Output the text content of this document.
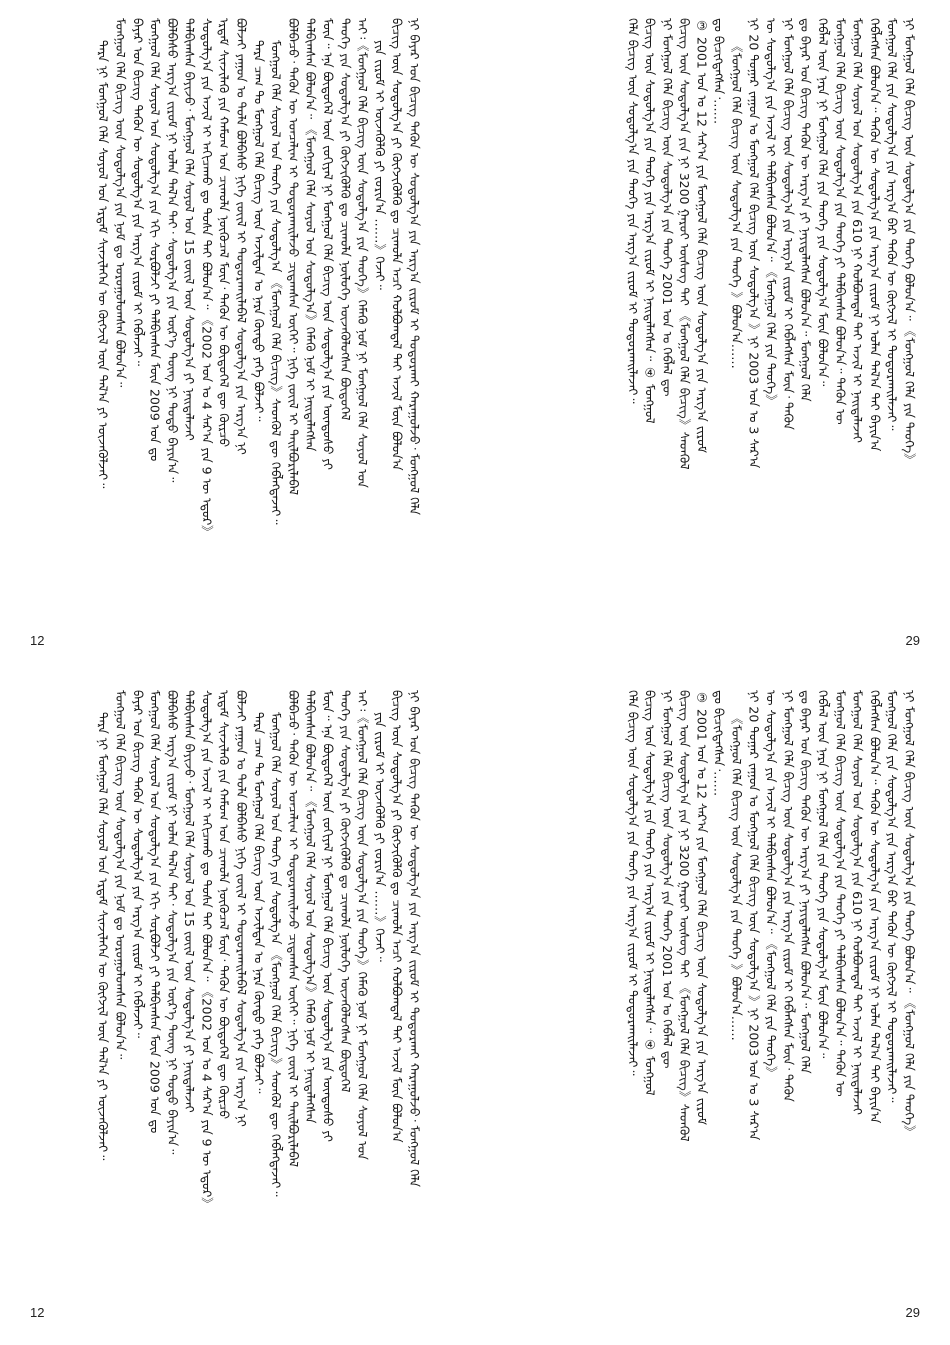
ᠨᠢ ᠪᠠᠶᠠᠷ ᠤᠨ ᠪᠢᠴᠢᠭ ᠲᠡᠭᠦᠨ ᠦ ᠰᠤᠳᠤᠯᠭ᠎ᠠ ᠶᠢᠨ ᠠᠷᠭ᠎ᠠ ᠵᠢᠷᠤᠮ ᠢ ᠲᠣᠳᠤᠷᠬᠠᠢ ᠬᠠᠷᠠᠭᠤᠯᠵᠤ᠂ ᠮᠣᠩᠭᠣᠯ ᠬᠡᠯᠡ
ᠪᠢᠴᠢᠭ ᠦᠨ ᠰᠤᠳᠤᠯᠭ᠎ᠠ ᠶᠢ ᠬᠥᠭᠵᠢᠭᠦᠯᠬᠦ ᠳᠤ ᠴᠢᠬᠤᠯᠠ ᠠᠴᠢ ᠬᠣᠯᠪᠤᠭᠳᠠᠯ ᠲᠠᠢ ᠠᠵᠢᠯ ᠮᠥᠨ ᠪᠣᠯᠤᠨ᠎ᠠ
ᠶᠢᠨ ᠵᠢᠷᠤᠮ ᠢ ᠦᠵᠡᠭᠦᠯᠬᠦ ᠶᠢ ᠵᠣᠷᠢᠨ᠎ᠠ ……》ᠭᠡᠵᠡᠢ᠃
ᠠᠢ᠄《ᠮᠣᠩᠭᠣᠯ ᠬᠡᠯᠡ ᠪᠢᠴᠢᠭ ᠦᠨ ᠰᠤᠳᠤᠯᠭ᠎ᠠ ᠶᠢᠨ ᠲᠡᠦᠬᠡ》ᠬᠡᠮᠡᠬᠦ ᠨᠣᠮ ᠨᠢ ᠮᠣᠩᠭᠣᠯ ᠬᠡᠯᠡ ᠰᠣᠶᠣᠯ ᠤᠨ
ᠲᠡᠦᠬᠡ ᠶᠢᠨ ᠰᠤᠳᠤᠯᠭ᠎ᠠ ᠶᠢ ᠬᠥᠭᠵᠢᠭᠦᠯᠬᠦ ᠳᠤ ᠴᠢᠬᠤᠯᠠ ᠨᠥᠯᠦᠭᠡ ᠦᠵᠡᠭᠦᠯᠦᠭᠰᠡᠨ ᠪᠦᠲᠦᠭᠡᠯ
ᠮᠥᠨ᠃ ᠡᠨᠡ ᠪᠦᠲᠦᠭᠡᠯ ᠦᠨ ᠵᠣᠬᠢᠶᠠᠯ ᠨᠢ ᠮᠣᠩᠭᠣᠯ ᠬᠡᠯᠡ ᠪᠢᠴᠢᠭ ᠦᠨ ᠰᠤᠳᠤᠯᠭ᠎ᠠ ᠶᠢᠨ ᠦᠨᠳᠦᠰᠦ ᠶᠢ
ᠲᠠᠯᠪᠢᠭᠰᠠᠨ ᠪᠣᠯᠤᠨ᠎ᠠ᠃ 《ᠮᠣᠩᠭᠣᠯ ᠬᠡᠯᠡ ᠰᠣᠶᠣᠯ ᠤᠨ ᠰᠤᠳᠤᠯᠭ᠎ᠠ》ᠬᠡᠮᠡᠬᠦ ᠨᠣᠮ ᠢ ᠨᠡᠢᠲᠡᠯᠡᠭᠰᠡᠨ
ᠪᠣᠯᠪᠠᠴᠤ᠂ ᠲᠡᠭᠦᠨ ᠦ ᠣᠨᠴᠠᠯᠢᠭ ᠢ ᠲᠣᠳᠤᠷᠬᠠᠢᠯᠠᠵᠤ ᠴᠢᠳᠠᠭᠰᠠᠨ ᠦᠭᠡᠢ᠃ ᠨᠢᠭᠡ ᠵᠦᠢᠯ ᠢ ᠲᠠᠢᠯᠪᠤᠷᠢᠯᠠᠪᠠᠯ
ᠮᠣᠩᠭᠣᠯ ᠬᠡᠯᠡ ᠰᠣᠶᠣᠯ ᠤᠨ ᠲᠡᠦᠬᠡ ᠶᠢᠨ ᠰᠤᠳᠤᠯᠭ᠎ᠠ 《ᠮᠣᠩᠭᠣᠯ ᠬᠡᠯᠡ ᠪᠢᠴᠢᠭ》ᠰᠡᠳᠬᠦᠯ ᠳᠦ ᠬᠡᠪᠯᠡᠭᠳᠡᠵᠡᠢ᠃
ᠲᠡᠷᠡ ᠴᠠᠭ ᠲᠤ ᠮᠣᠩᠭᠣᠯ ᠬᠡᠯᠡ ᠪᠢᠴᠢᠭ ᠦᠨ ᠠᠵᠢᠯᠲᠠᠨ ᠤ ᠨᠡᠷᠡ ᠬᠦᠨᠳᠦ ᠶᠡᠬᠡ ᠪᠣᠯᠵᠠᠢ᠃
ᠪᠣᠯᠵᠠᠢ ᠶᠠᠭᠤᠨ ᠤ ᠲᠤᠯᠠ ᠪᠣᠯᠪᠠᠰᠤ ᠨᠢᠭᠡ ᠵᠦᠢᠯ ᠢ ᠲᠣᠳᠤᠷᠬᠠᠢᠯᠠᠪᠠᠯ ᠰᠤᠳᠤᠯᠭ᠎ᠠ ᠶᠢᠨ ᠠᠷᠭ᠎ᠠ ᠨᠢ
ᠡᠷᠳᠡᠮ ᠰᠢᠨᠵᠢᠯᠡᠬᠦ ᠶᠢᠨ ᠬᠠᠮᠤᠭ ᠤᠨ ᠴᠢᠬᠤᠯᠠ ᠨᠥᠬᠦᠴᠡᠯ ᠮᠥᠨ᠂ ᠲᠡᠭᠦᠨ ᠦ ᠪᠦᠲᠦᠭᠡᠯ ᠳᠦ ᠬᠦᠷᠴᠦ
ᠰᠤᠳᠤᠯᠭ᠎ᠠ ᠶᠢᠨ ᠠᠵᠢᠯ ᠢ ᠠᠬᠢᠴᠠᠬᠤ ᠳᠤ ᠲᠤᠰᠠ ᠲᠠᠢ ᠪᠣᠯᠤᠨ᠎ᠠ᠃ 《2002 ᠣᠨ ᠤ 4 ᠰᠠᠷ᠎ᠠ ᠶᠢᠨ 9 ᠦ ᠡᠳᠦᠷ》
ᠲᠠᠯᠪᠢᠭᠰᠠᠨ ᠪᠠᠶᠢᠵᠤ᠂ ᠮᠣᠩᠭᠣᠯ ᠬᠡᠯᠡ ᠰᠣᠶᠣᠯ ᠤᠨ 15 ᠵᠦᠢᠯ ᠦᠨ ᠰᠤᠳᠤᠯᠭ᠎ᠠ ᠶᠢ ᠨᠡᠢᠲᠡᠯᠡᠵᠡᠢ
ᠪᠣᠯᠪᠠᠰᠤ ᠠᠷᠭ᠎ᠠ ᠵᠢᠷᠤᠮ ᠨᠢ ᠣᠯᠠᠨ ᠲᠠᠯ᠎ᠠ ᠲᠠᠢ᠂ ᠰᠤᠳᠤᠯᠭ᠎ᠠ ᠶᠢᠨ ᠦᠷ᠎ᠡ ᠳᠦᠩ ᠨᠢ ᠲᠣᠳᠤ ᠪᠠᠶᠢᠨ᠎ᠠ᠃
ᠮᠣᠩᠭᠣᠯ ᠬᠡᠯᠡ ᠰᠣᠶᠣᠯ ᠤᠨ ᠰᠤᠳᠤᠯᠭ᠎ᠠ ᠶᠢᠨ ᠡᠬᠢ ᠰᠤᠷᠪᠤᠯᠵᠢ ᠶᠢ ᠲᠠᠯᠪᠢᠭᠰᠠᠨ ᠮᠥᠨ 2009 ᠣᠨ ᠳᠤ
ᠪᠠᠶᠠᠷ ᠤᠨ ᠪᠢᠴᠢᠭ ᠲᠡᠭᠦᠨ ᠦ ᠰᠤᠳᠤᠯᠭ᠎ᠠ ᠶᠢᠨ ᠠᠷᠭ᠎ᠠ ᠵᠢᠷᠤᠮ ᠢ ᠬᠡᠪᠯᠡᠵᠡᠢ᠃
ᠮᠣᠩᠭᠣᠯ ᠬᠡᠯᠡ ᠪᠢᠴᠢᠭ ᠦᠨ ᠰᠤᠳᠤᠯᠭ᠎ᠠ ᠶᠢᠨ ᠨᠣᠮ ᠳᠤ ᠣᠷᠤᠭᠤᠯᠤᠭᠰᠠᠨ ᠪᠣᠯᠤᠨ᠎ᠠ᠃
ᠲᠡᠷᠡ ᠨᠢ ᠮᠣᠩᠭᠣᠯ ᠬᠡᠯᠡ ᠰᠣᠶᠣᠯ ᠤᠨ ᠡᠷᠳᠡᠮ ᠰᠢᠨᠵᠢᠯᠡᠭᠡᠨ ᠦ ᠬᠥᠭᠵᠢᠯ ᠦᠨ ᠲᠠᠯ᠎ᠠ ᠶᠢ ᠦᠵᠡᠭᠦᠯᠵᠡᠢ᠃
12
ᠨᠢ ᠮᠣᠩᠭᠣᠯ ᠬᠡᠯᠡ ᠪᠢᠴᠢᠭ ᠦᠨ ᠰᠤᠳᠤᠯᠭ᠎ᠠ ᠶᠢᠨ ᠲᠡᠦᠬᠡ ᠪᠣᠯᠤᠨ᠎ᠠ᠃ 《ᠮᠣᠩᠭᠣᠯ ᠬᠡᠯᠡ ᠶᠢᠨ ᠲᠡᠦᠬᠡ》
ᠮᠣᠩᠭᠣᠯ ᠬᠡᠯᠡ ᠶᠢᠨ ᠰᠤᠳᠤᠯᠭ᠎ᠠ ᠶᠢᠨ ᠠᠷᠭ᠎ᠠ ᠪᠠᠷ ᠲᠡᠭᠦᠨ ᠦ ᠬᠥᠭᠵᠢᠯ ᠢ ᠲᠣᠳᠤᠷᠬᠠᠢᠯᠠᠵᠠᠢ᠃
ᠬᠡᠪᠯᠡᠭᠰᠡᠨ ᠪᠣᠯᠤᠨ᠎ᠠ᠃ ᠲᠡᠭᠦᠨ ᠦ ᠰᠤᠳᠤᠯᠭ᠎ᠠ ᠶᠢᠨ ᠠᠷᠭ᠎ᠠ ᠵᠢᠷᠤᠮ ᠨᠢ ᠣᠯᠠᠨ ᠲᠠᠯ᠎ᠠ ᠲᠠᠢ ᠪᠠᠶᠢᠨ᠎ᠠ
ᠮᠣᠩᠭᠣᠯ ᠬᠡᠯᠡ ᠰᠣᠶᠣᠯ ᠤᠨ ᠰᠤᠳᠤᠯᠭ᠎ᠠ ᠶᠢᠨ 610 ᠨᠢ ᠬᠣᠯᠪᠤᠭᠳᠠᠯ ᠲᠠᠢ ᠠᠵᠢᠯ ᠢ ᠨᠡᠢᠲᠡᠯᠡᠵᠡᠢ
ᠮᠣᠩᠭᠣᠯ ᠬᠡᠯᠡ ᠪᠢᠴᠢᠭ ᠦᠨ ᠰᠤᠳᠤᠯᠭ᠎ᠠ ᠶᠢᠨ ᠲᠡᠦᠬᠡ ᠶᠢ ᠲᠠᠯᠪᠢᠭᠰᠠᠨ ᠪᠣᠯᠤᠨ᠎ᠠ᠃ ᠲᠡᠭᠦᠨ ᠦ
ᠬᠡᠪᠯᠡᠯ ᠦᠨ ᠨᠡᠷᠡ ᠨᠢ ᠮᠣᠩᠭᠣᠯ ᠬᠡᠯᠡ ᠶᠢᠨ ᠲᠡᠦᠬᠡ ᠶᠢᠨ ᠰᠤᠳᠤᠯᠭ᠎ᠠ ᠮᠥᠨ ᠪᠣᠯᠤᠨ᠎ᠠ᠃
ᠳᠤ ᠪᠠᠶᠠᠷ ᠤᠨ ᠪᠢᠴᠢᠭ ᠲᠡᠭᠦᠨ ᠦ ᠠᠷᠭ᠎ᠠ ᠶᠢ ᠨᠡᠶᠢᠲᠡᠯᠡᠭᠰᠡᠨ ᠪᠣᠯᠤᠨ᠎ᠠ᠃ ᠮᠣᠩᠭᠣᠯ ᠬᠡᠯᠡ
ᠨᠢ ᠮᠣᠩᠭᠣᠯ ᠬᠡᠯᠡ ᠪᠢᠴᠢᠭ ᠦᠨ ᠰᠤᠳᠤᠯᠭ᠎ᠠ ᠶᠢᠨ ᠠᠷᠭ᠎ᠠ ᠵᠢᠷᠤᠮ ᠢ ᠬᠡᠪᠯᠡᠭᠰᠡᠨ ᠮᠥᠨ᠂ ᠲᠡᠭᠦᠨ
ᠦ ᠰᠤᠳᠤᠯᠭ᠎ᠠ ᠶᠢᠨ ᠠᠵᠢᠯ ᠢ ᠲᠠᠯᠪᠢᠭᠰᠠᠨ ᠪᠣᠯᠤᠨ᠎ᠠ᠃ 《ᠮᠣᠩᠭᠣᠯ ᠬᠡᠯᠡ ᠶᠢᠨ ᠲᠡᠦᠬᠡ》
ᠨᠢ 20 ᠳᠤᠭᠠᠷ ᠵᠠᠭᠤᠨ ᠤ ᠮᠣᠩᠭᠣᠯ ᠬᠡᠯᠡ ᠪᠢᠴᠢᠭ ᠦᠨ ᠰᠤᠳᠤᠯᠭ᠎ᠠ 》ᠨᠢ 2003 ᠣᠨ ᠤ 3 ᠰᠠᠷ᠎ᠠ
《ᠮᠣᠩᠭᠣᠯ ᠬᠡᠯᠡ ᠪᠢᠴᠢᠭ ᠦᠨ ᠰᠤᠳᠤᠯᠭ᠎ᠠ ᠶᠢᠨ ᠲᠡᠦᠬᠡ 》ᠪᠣᠯᠤᠨ᠎ᠠ……
ᠳᠤ ᠪᠢᠴᠢᠭᠳᠡᠭᠰᠡᠨ᠂……
③ 2001 ᠣᠨ ᠤ 12 ᠰᠠᠷ᠎ᠠ ᠶᠢᠨ ᠮᠣᠩᠭᠣᠯ ᠬᠡᠯᠡ ᠪᠢᠴᠢᠭ ᠦᠨ ᠰᠤᠳᠤᠯᠭ᠎ᠠ ᠶᠢᠨ ᠠᠷᠭ᠎ᠠ ᠵᠢᠷᠤᠮ
ᠪᠢᠴᠢᠭ ᠦᠨ ᠰᠤᠳᠤᠯᠭ᠎ᠠ ᠶᠢᠨ ᠨᠢ 3200 ᠭᠠᠷᠤᠢ ᠦᠰᠦᠭ ᠲᠠᠢ 《ᠮᠣᠩᠭᠣᠯ ᠬᠡᠯᠡ ᠪᠢᠴᠢᠭ》ᠰᠡᠳᠬᠦᠯ
ᠨᠢ ᠮᠣᠩᠭᠣᠯ ᠬᠡᠯᠡ ᠪᠢᠴᠢᠭ ᠦᠨ ᠰᠤᠳᠤᠯᠭ᠎ᠠ ᠶᠢᠨ ᠲᠡᠦᠬᠡ 2001 ᠣᠨ ᠤ ᠬᠡᠪᠯᠡᠯ ᠳᠦ
ᠪᠢᠴᠢᠭ ᠦᠨ ᠰᠤᠳᠤᠯᠭ᠎ᠠ ᠶᠢᠨ ᠲᠡᠦᠬᠡ ᠶᠢᠨ ᠠᠷᠭ᠎ᠠ ᠵᠢᠷᠤᠮ ᠢ ᠨᠡᠢᠲᠡᠯᠡᠭᠰᠡᠨ᠃ ④ ᠮᠣᠩᠭᠣᠯ
ᠬᠡᠯᠡ ᠪᠢᠴᠢᠭ ᠦᠨ ᠰᠤᠳᠤᠯᠭ᠎ᠠ ᠶᠢᠨ ᠲᠡᠦᠬᠡ ᠶᠢᠨ ᠠᠷᠭ᠎ᠠ ᠵᠢᠷᠤᠮ ᠢ ᠲᠣᠳᠤᠷᠬᠠᠢᠯᠠᠵᠠᠢ᠃
29
ᠨᠢ ᠪᠠᠶᠠᠷ ᠤᠨ ᠪᠢᠴᠢᠭ ᠲᠡᠭᠦᠨ ᠦ ᠰᠤᠳᠤᠯᠭ᠎ᠠ ᠶᠢᠨ ᠠᠷᠭ᠎ᠠ ᠵᠢᠷᠤᠮ ᠢ ᠲᠣᠳᠤᠷᠬᠠᠢ ᠬᠠᠷᠠᠭᠤᠯᠵᠤ᠂ ᠮᠣᠩᠭᠣᠯ ᠬᠡᠯᠡ
ᠪᠢᠴᠢᠭ ᠦᠨ ᠰᠤᠳᠤᠯᠭ᠎ᠠ ᠶᠢ ᠬᠥᠭᠵᠢᠭᠦᠯᠬᠦ ᠳᠤ ᠴᠢᠬᠤᠯᠠ ᠠᠴᠢ ᠬᠣᠯᠪᠤᠭᠳᠠᠯ ᠲᠠᠢ ᠠᠵᠢᠯ ᠮᠥᠨ ᠪᠣᠯᠤᠨ᠎ᠠ
ᠶᠢᠨ ᠵᠢᠷᠤᠮ ᠢ ᠦᠵᠡᠭᠦᠯᠬᠦ ᠶᠢ ᠵᠣᠷᠢᠨ᠎ᠠ ……》ᠭᠡᠵᠡᠢ᠃
ᠠᠢ᠄《ᠮᠣᠩᠭᠣᠯ ᠬᠡᠯᠡ ᠪᠢᠴᠢᠭ ᠦᠨ ᠰᠤᠳᠤᠯᠭ᠎ᠠ ᠶᠢᠨ ᠲᠡᠦᠬᠡ》ᠬᠡᠮᠡᠬᠦ ᠨᠣᠮ ᠨᠢ ᠮᠣᠩᠭᠣᠯ ᠬᠡᠯᠡ ᠰᠣᠶᠣᠯ ᠤᠨ
ᠲᠡᠦᠬᠡ ᠶᠢᠨ ᠰᠤᠳᠤᠯᠭ᠎ᠠ ᠶᠢ ᠬᠥᠭᠵᠢᠭᠦᠯᠬᠦ ᠳᠤ ᠴᠢᠬᠤᠯᠠ ᠨᠥᠯᠦᠭᠡ ᠦᠵᠡᠭᠦᠯᠦᠭᠰᠡᠨ ᠪᠦᠲᠦᠭᠡᠯ
ᠮᠥᠨ᠃ ᠡᠨᠡ ᠪᠦᠲᠦᠭᠡᠯ ᠦᠨ ᠵᠣᠬᠢᠶᠠᠯ ᠨᠢ ᠮᠣᠩᠭᠣᠯ ᠬᠡᠯᠡ ᠪᠢᠴᠢᠭ ᠦᠨ ᠰᠤᠳᠤᠯᠭ᠎ᠠ ᠶᠢᠨ ᠦᠨᠳᠦᠰᠦ ᠶᠢ
ᠲᠠᠯᠪᠢᠭᠰᠠᠨ ᠪᠣᠯᠤᠨ᠎ᠠ᠃ 《ᠮᠣᠩᠭᠣᠯ ᠬᠡᠯᠡ ᠰᠣᠶᠣᠯ ᠤᠨ ᠰᠤᠳᠤᠯᠭ᠎ᠠ》ᠬᠡᠮᠡᠬᠦ ᠨᠣᠮ ᠢ ᠨᠡᠢᠲᠡᠯᠡᠭᠰᠡᠨ
ᠪᠣᠯᠪᠠᠴᠤ᠂ ᠲᠡᠭᠦᠨ ᠦ ᠣᠨᠴᠠᠯᠢᠭ ᠢ ᠲᠣᠳᠤᠷᠬᠠᠢᠯᠠᠵᠤ ᠴᠢᠳᠠᠭᠰᠠᠨ ᠦᠭᠡᠢ᠃ ᠨᠢᠭᠡ ᠵᠦᠢᠯ ᠢ ᠲᠠᠢᠯᠪᠤᠷᠢᠯᠠᠪᠠᠯ
ᠮᠣᠩᠭᠣᠯ ᠬᠡᠯᠡ ᠰᠣᠶᠣᠯ ᠤᠨ ᠲᠡᠦᠬᠡ ᠶᠢᠨ ᠰᠤᠳᠤᠯᠭ᠎ᠠ 《ᠮᠣᠩᠭᠣᠯ ᠬᠡᠯᠡ ᠪᠢᠴᠢᠭ》ᠰᠡᠳᠬᠦᠯ ᠳᠦ ᠬᠡᠪᠯᠡᠭᠳᠡᠵᠡᠢ᠃
ᠲᠡᠷᠡ ᠴᠠᠭ ᠲᠤ ᠮᠣᠩᠭᠣᠯ ᠬᠡᠯᠡ ᠪᠢᠴᠢᠭ ᠦᠨ ᠠᠵᠢᠯᠲᠠᠨ ᠤ ᠨᠡᠷᠡ ᠬᠦᠨᠳᠦ ᠶᠡᠬᠡ ᠪᠣᠯᠵᠠᠢ᠃
ᠪᠣᠯᠵᠠᠢ ᠶᠠᠭᠤᠨ ᠤ ᠲᠤᠯᠠ ᠪᠣᠯᠪᠠᠰᠤ ᠨᠢᠭᠡ ᠵᠦᠢᠯ ᠢ ᠲᠣᠳᠤᠷᠬᠠᠢᠯᠠᠪᠠᠯ ᠰᠤᠳᠤᠯᠭ᠎ᠠ ᠶᠢᠨ ᠠᠷᠭ᠎ᠠ ᠨᠢ
ᠡᠷᠳᠡᠮ ᠰᠢᠨᠵᠢᠯᠡᠬᠦ ᠶᠢᠨ ᠬᠠᠮᠤᠭ ᠤᠨ ᠴᠢᠬᠤᠯᠠ ᠨᠥᠬᠦᠴᠡᠯ ᠮᠥᠨ᠂ ᠲᠡᠭᠦᠨ ᠦ ᠪᠦᠲᠦᠭᠡᠯ ᠳᠦ ᠬᠦᠷᠴᠦ
ᠰᠤᠳᠤᠯᠭ᠎ᠠ ᠶᠢᠨ ᠠᠵᠢᠯ ᠢ ᠠᠬᠢᠴᠠᠬᠤ ᠳᠤ ᠲᠤᠰᠠ ᠲᠠᠢ ᠪᠣᠯᠤᠨ᠎ᠠ᠃ 《2002 ᠣᠨ ᠤ 4 ᠰᠠᠷ᠎ᠠ ᠶᠢᠨ 9 ᠦ ᠡᠳᠦᠷ》
ᠲᠠᠯᠪᠢᠭᠰᠠᠨ ᠪᠠᠶᠢᠵᠤ᠂ ᠮᠣᠩᠭᠣᠯ ᠬᠡᠯᠡ ᠰᠣᠶᠣᠯ ᠤᠨ 15 ᠵᠦᠢᠯ ᠦᠨ ᠰᠤᠳᠤᠯᠭ᠎ᠠ ᠶᠢ ᠨᠡᠢᠲᠡᠯᠡᠵᠡᠢ
ᠪᠣᠯᠪᠠᠰᠤ ᠠᠷᠭ᠎ᠠ ᠵᠢᠷᠤᠮ ᠨᠢ ᠣᠯᠠᠨ ᠲᠠᠯ᠎ᠠ ᠲᠠᠢ᠂ ᠰᠤᠳᠤᠯᠭ᠎ᠠ ᠶᠢᠨ ᠦᠷ᠎ᠡ ᠳᠦᠩ ᠨᠢ ᠲᠣᠳᠤ ᠪᠠᠶᠢᠨ᠎ᠠ᠃
ᠮᠣᠩᠭᠣᠯ ᠬᠡᠯᠡ ᠰᠣᠶᠣᠯ ᠤᠨ ᠰᠤᠳᠤᠯᠭ᠎ᠠ ᠶᠢᠨ ᠡᠬᠢ ᠰᠤᠷᠪᠤᠯᠵᠢ ᠶᠢ ᠲᠠᠯᠪᠢᠭᠰᠠᠨ ᠮᠥᠨ 2009 ᠣᠨ ᠳᠤ
ᠪᠠᠶᠠᠷ ᠤᠨ ᠪᠢᠴᠢᠭ ᠲᠡᠭᠦᠨ ᠦ ᠰᠤᠳᠤᠯᠭ᠎ᠠ ᠶᠢᠨ ᠠᠷᠭ᠎ᠠ ᠵᠢᠷᠤᠮ ᠢ ᠬᠡᠪᠯᠡᠵᠡᠢ᠃
ᠮᠣᠩᠭᠣᠯ ᠬᠡᠯᠡ ᠪᠢᠴᠢᠭ ᠦᠨ ᠰᠤᠳᠤᠯᠭ᠎ᠠ ᠶᠢᠨ ᠨᠣᠮ ᠳᠤ ᠣᠷᠤᠭᠤᠯᠤᠭᠰᠠᠨ ᠪᠣᠯᠤᠨ᠎ᠠ᠃
ᠲᠡᠷᠡ ᠨᠢ ᠮᠣᠩᠭᠣᠯ ᠬᠡᠯᠡ ᠰᠣᠶᠣᠯ ᠤᠨ ᠡᠷᠳᠡᠮ ᠰᠢᠨᠵᠢᠯᠡᠭᠡᠨ ᠦ ᠬᠥᠭᠵᠢᠯ ᠦᠨ ᠲᠠᠯ᠎ᠠ ᠶᠢ ᠦᠵᠡᠭᠦᠯᠵᠡᠢ᠃
12
ᠨᠢ ᠮᠣᠩᠭᠣᠯ ᠬᠡᠯᠡ ᠪᠢᠴᠢᠭ ᠦᠨ ᠰᠤᠳᠤᠯᠭ᠎ᠠ ᠶᠢᠨ ᠲᠡᠦᠬᠡ ᠪᠣᠯᠤᠨ᠎ᠠ᠃ 《ᠮᠣᠩᠭᠣᠯ ᠬᠡᠯᠡ ᠶᠢᠨ ᠲᠡᠦᠬᠡ》
ᠮᠣᠩᠭᠣᠯ ᠬᠡᠯᠡ ᠶᠢᠨ ᠰᠤᠳᠤᠯᠭ᠎ᠠ ᠶᠢᠨ ᠠᠷᠭ᠎ᠠ ᠪᠠᠷ ᠲᠡᠭᠦᠨ ᠦ ᠬᠥᠭᠵᠢᠯ ᠢ ᠲᠣᠳᠤᠷᠬᠠᠢᠯᠠᠵᠠᠢ᠃
ᠬᠡᠪᠯᠡᠭᠰᠡᠨ ᠪᠣᠯᠤᠨ᠎ᠠ᠃ ᠲᠡᠭᠦᠨ ᠦ ᠰᠤᠳᠤᠯᠭ᠎ᠠ ᠶᠢᠨ ᠠᠷᠭ᠎ᠠ ᠵᠢᠷᠤᠮ ᠨᠢ ᠣᠯᠠᠨ ᠲᠠᠯ᠎ᠠ ᠲᠠᠢ ᠪᠠᠶᠢᠨ᠎ᠠ
ᠮᠣᠩᠭᠣᠯ ᠬᠡᠯᠡ ᠰᠣᠶᠣᠯ ᠤᠨ ᠰᠤᠳᠤᠯᠭ᠎ᠠ ᠶᠢᠨ 610 ᠨᠢ ᠬᠣᠯᠪᠤᠭᠳᠠᠯ ᠲᠠᠢ ᠠᠵᠢᠯ ᠢ ᠨᠡᠢᠲᠡᠯᠡᠵᠡᠢ
ᠮᠣᠩᠭᠣᠯ ᠬᠡᠯᠡ ᠪᠢᠴᠢᠭ ᠦᠨ ᠰᠤᠳᠤᠯᠭ᠎ᠠ ᠶᠢᠨ ᠲᠡᠦᠬᠡ ᠶᠢ ᠲᠠᠯᠪᠢᠭᠰᠠᠨ ᠪᠣᠯᠤᠨ᠎ᠠ᠃ ᠲᠡᠭᠦᠨ ᠦ
ᠬᠡᠪᠯᠡᠯ ᠦᠨ ᠨᠡᠷᠡ ᠨᠢ ᠮᠣᠩᠭᠣᠯ ᠬᠡᠯᠡ ᠶᠢᠨ ᠲᠡᠦᠬᠡ ᠶᠢᠨ ᠰᠤᠳᠤᠯᠭ᠎ᠠ ᠮᠥᠨ ᠪᠣᠯᠤᠨ᠎ᠠ᠃
ᠳᠤ ᠪᠠᠶᠠᠷ ᠤᠨ ᠪᠢᠴᠢᠭ ᠲᠡᠭᠦᠨ ᠦ ᠠᠷᠭ᠎ᠠ ᠶᠢ ᠨᠡᠶᠢᠲᠡᠯᠡᠭᠰᠡᠨ ᠪᠣᠯᠤᠨ᠎ᠠ᠃ ᠮᠣᠩᠭᠣᠯ ᠬᠡᠯᠡ
ᠨᠢ ᠮᠣᠩᠭᠣᠯ ᠬᠡᠯᠡ ᠪᠢᠴᠢᠭ ᠦᠨ ᠰᠤᠳᠤᠯᠭ᠎ᠠ ᠶᠢᠨ ᠠᠷᠭ᠎ᠠ ᠵᠢᠷᠤᠮ ᠢ ᠬᠡᠪᠯᠡᠭᠰᠡᠨ ᠮᠥᠨ᠂ ᠲᠡᠭᠦᠨ
ᠦ ᠰᠤᠳᠤᠯᠭ᠎ᠠ ᠶᠢᠨ ᠠᠵᠢᠯ ᠢ ᠲᠠᠯᠪᠢᠭᠰᠠᠨ ᠪᠣᠯᠤᠨ᠎ᠠ᠃ 《ᠮᠣᠩᠭᠣᠯ ᠬᠡᠯᠡ ᠶᠢᠨ ᠲᠡᠦᠬᠡ》
ᠨᠢ 20 ᠳᠤᠭᠠᠷ ᠵᠠᠭᠤᠨ ᠤ ᠮᠣᠩᠭᠣᠯ ᠬᠡᠯᠡ ᠪᠢᠴᠢᠭ ᠦᠨ ᠰᠤᠳᠤᠯᠭ᠎ᠠ 》ᠨᠢ 2003 ᠣᠨ ᠤ 3 ᠰᠠᠷ᠎ᠠ
《ᠮᠣᠩᠭᠣᠯ ᠬᠡᠯᠡ ᠪᠢᠴᠢᠭ ᠦᠨ ᠰᠤᠳᠤᠯᠭ᠎ᠠ ᠶᠢᠨ ᠲᠡᠦᠬᠡ 》ᠪᠣᠯᠤᠨ᠎ᠠ……
ᠳᠤ ᠪᠢᠴᠢᠭᠳᠡᠭᠰᠡᠨ᠂……
③ 2001 ᠣᠨ ᠤ 12 ᠰᠠᠷ᠎ᠠ ᠶᠢᠨ ᠮᠣᠩᠭᠣᠯ ᠬᠡᠯᠡ ᠪᠢᠴᠢᠭ ᠦᠨ ᠰᠤᠳᠤᠯᠭ᠎ᠠ ᠶᠢᠨ ᠠᠷᠭ᠎ᠠ ᠵᠢᠷᠤᠮ
ᠪᠢᠴᠢᠭ ᠦᠨ ᠰᠤᠳᠤᠯᠭ᠎ᠠ ᠶᠢᠨ ᠨᠢ 3200 ᠭᠠᠷᠤᠢ ᠦᠰᠦᠭ ᠲᠠᠢ 《ᠮᠣᠩᠭᠣᠯ ᠬᠡᠯᠡ ᠪᠢᠴᠢᠭ》ᠰᠡᠳᠬᠦᠯ
ᠨᠢ ᠮᠣᠩᠭᠣᠯ ᠬᠡᠯᠡ ᠪᠢᠴᠢᠭ ᠦᠨ ᠰᠤᠳᠤᠯᠭ᠎ᠠ ᠶᠢᠨ ᠲᠡᠦᠬᠡ 2001 ᠣᠨ ᠤ ᠬᠡᠪᠯᠡᠯ ᠳᠦ
ᠪᠢᠴᠢᠭ ᠦᠨ ᠰᠤᠳᠤᠯᠭ᠎ᠠ ᠶᠢᠨ ᠲᠡᠦᠬᠡ ᠶᠢᠨ ᠠᠷᠭ᠎ᠠ ᠵᠢᠷᠤᠮ ᠢ ᠨᠡᠢᠲᠡᠯᠡᠭᠰᠡᠨ᠃ ④ ᠮᠣᠩᠭᠣᠯ
ᠬᠡᠯᠡ ᠪᠢᠴᠢᠭ ᠦᠨ ᠰᠤᠳᠤᠯᠭ᠎ᠠ ᠶᠢᠨ ᠲᠡᠦᠬᠡ ᠶᠢᠨ ᠠᠷᠭ᠎ᠠ ᠵᠢᠷᠤᠮ ᠢ ᠲᠣᠳᠤᠷᠬᠠᠢᠯᠠᠵᠠᠢ᠃
29
